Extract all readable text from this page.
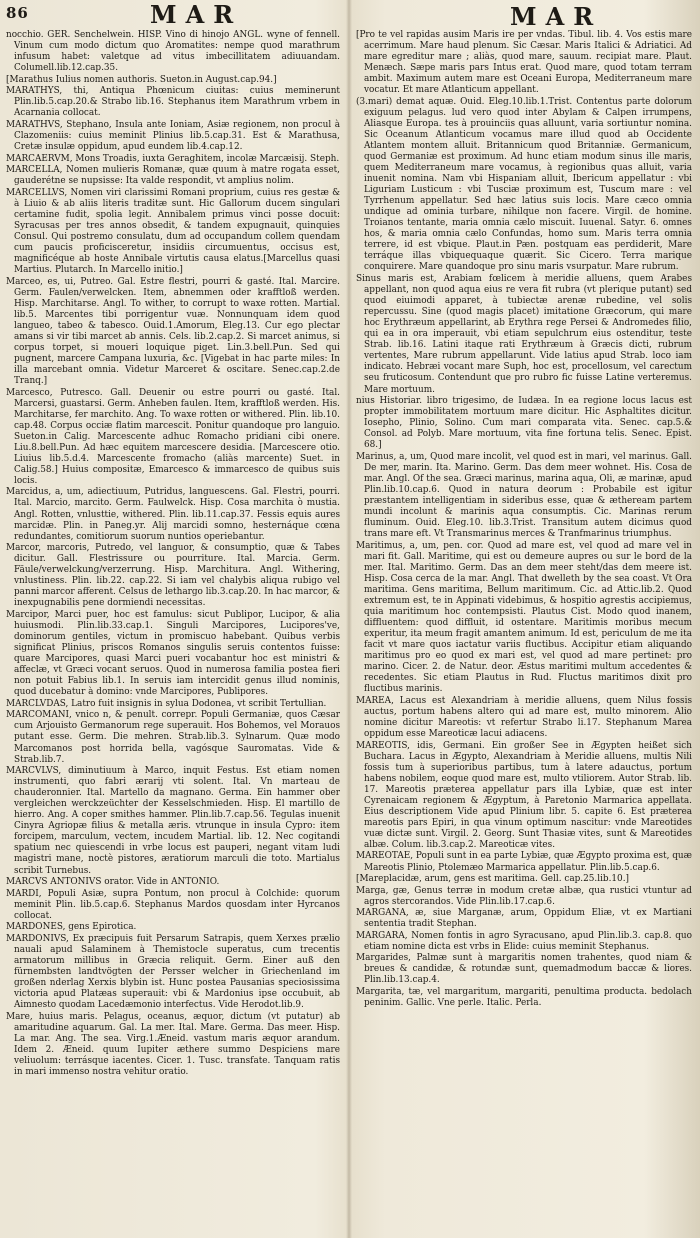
86	MAR	MAR

nocchio. GER. Senchelwein. HISP. Vino di hinojo ANGL. wyne of fennell. Vinum cum modo dictum quo Aromatites: nempe quod marathrum infusum habet: valetque ad vitus imbecillitatem adiuuandam. Columell.lib.12.cap.35.

[Marathus Iulius nomen authoris. Sueton.in August.cap.94.]

MARATHYS, thi, Antiqua Phœnicum ciuitas: cuius meminerunt Plin.lib.5.cap.20.& Strabo lib.16. Stephanus item Marathrum vrbem in Acarnania collocat.

MARATHVS, Stephano, Insula ante Ioniam, Asiæ regionem, non procul à Clazomeniis: cuius meminit Plinius lib.5.cap.31. Est & Marathusa, Cretæ insulæ oppidum, apud eundem lib.4.cap.12.

MARCAERVM, Mons Troadis, iuxta Geraghitem, incolæ Marcæisij. Steph.

MARCELLA, Nomen mulieris Romanæ, quæ quum à matre rogata esset, gauderétne se nupsisse: Ita valde respondit, vt amplius nolim.

MARCELLVS, Nomen viri clarissimi Romani proprium, cuius res gestæ & à Liuio & ab aliis literis traditæ sunt. Hic Gallorum ducem singulari certamine fudit, spolia legit. Annibalem primus vinci posse docuit: Syracusas per tres annos obsedit, & tandem expugnauit, quinquies Consul. Qui postremo consulatu, dum ad occupandum collem quendam cum paucis proficisceretur, insidiis circumuentus, occisus est, magnificéque ab hoste Annibale virtutis causa elatus.[Marcellus quasi Martius. Plutarch. In Marcello initio.]

Marceo, es, ui, Putreo. Gal. Estre flestri, pourri & gasté. Ital. Marcire. Germ. Faulen/verwelcken. Item, abnemmen oder krafftloß werden. Hisp. Marchitarse. Angl. To wither, to corrupt to waxe rotten. Martial. lib.5. Marcentes tibi porrigentur vuæ. Nonnunquam idem quod langueo, tabeo & tabesco. Ouid.1.Amorum, Eleg.13. Cur ego plectar amans si vir tibi marcet ab annis. Cels. lib.2.cap.2. Si marcet animus, si corpus torpet, si moueri loquique piget. Lin.3.bell.Pun. Sed qui pugnent, marcere Campana luxuria, &c. [Vigebat in hac parte miles: In illa marcebant omnia. Videtur Marceret & oscitare. Senec.cap.2.de Tranq.]

Marcesco, Putresco. Gall. Deuenir ou estre pourri ou gasté. Ital. Marcersi, guastarsi. Germ. Anheben faulen. Item, krafftloß werden. His. Marchitarse, fer marchito. Ang. To waxe rotten or withered. Plin. lib.10. cap.48. Corpus occiæ flatim marcescit. Ponitur quandoque pro languio. Sueton.in Calig. Marcescente adhuc Romacho pridiani cibi onere. Liu.8.bell.Pun. Ad hæc equitem marcescere desidia. [Marcescere otio. Liuius lib.5.d.4. Marcescente fromacho (aliàs marcente) Suet. in Calig.58.] Huius compositæ, Emarcesco & immarcesco de quibus suis locis.

Marcidus, a, um, adiectiuum, Putridus, languescens. Gal. Flestri, pourri. Ital. Marcio, marcito. Germ. Faulwelck. Hisp. Cosa marchita ò mustia. Angl. Rotten, vnlusttie, withered. Plin. lib.11.cap.37. Fessis equis aures marcidæ. Plin. in Paneg.yr. Alij marcidi somno, hesternáque cœna redundantes, comitiorum suorum nuntios operiebantur.

Marcor, marcoris, Putredo, vel languor, & consumptio, quæ & Tabes dicitur. Gall. Flestrissure ou pourriture. Ital. Marcia. Germ. Fäule/verwelckung/verzerrung. Hisp. Marchitura. Angl. Withering, vnlustiness. Plin. lib.22. cap.22. Si iam vel chalybis aliqua rubigo vel panni marcor afferent. Celsus de lethargo lib.3.cap.20. In hac marcor, & inexpugnabilis pene dormiendi necessitas.

Marcipor, Marci puer, hoc est famulus: sicut Publipor, Lucipor, & alia huiusmodi. Plin.lib.33.cap.1. Singuli Marcipores, Lucipores've, dominorum gentiles, victum in promiscuo habebant. Quibus verbis significat Plinius, priscos Romanos singulis seruis contentos fuisse: quare Marcipores, quasi Marci pueri vocabantur hoc est ministri & affeclæ, vt Græci vocant seruos. Quod in numerosa familia postea fieri non potuit Fabius lib.1. In seruis iam intercidit genus illud nominis, quod ducebatur à domino: vnde Marcipores, Publipores.

MARCLVDAS, Latro fuit insignis in sylua Dodonea, vt scribit Tertullian.

MARCOMANI, vnico n, & penult. correpr. Populi Germaniæ, quos Cæsar cum Arjouisto Germanorum rege superauit. Hos Bohemos, vel Morauos putant esse. Germ. Die mehren. Strab.lib.3. Sylnarum. Quæ modo Marcomanos post horrida bella, vagósque Sauromatas. Vide & Strab.lib.7.

MARCVLVS, diminutiuum à Marco, inquit Festus. Est etiam nomen instrumenti, quo fabri ærarij vti solent. Ital. Vn marteau de chauderonnier. Ital. Martello da magnano. Germa. Ein hammer ober vergleichen werckzeüchter der Kesselschmieden. Hisp. El martillo de hierro. Ang. A coper smithes hammer. Plin.lib.7.cap.56. Tegulas inuenit Cinyra Agriopæ filius & metalla æris. vtrunque in insula Cypro: item forcipem, marculum, vectem, incudem Martial. lib. 12. Nec cogitandi spatium nec quiescendi in vrbe locus est pauperi, negant vitam ludi magistri mane, noctè pistores, æratiorum marculi die toto. Martialus scribit Turnebus.

MARCVS ANTONIVS orator. Vide in ANTONIO.

MARDI, Populi Asiæ, supra Pontum, non procul à Colchide: quorum meminit Plin. lib.5.cap.6. Stephanus Mardos quosdam inter Hyrcanos collocat.

MARDONES, gens Epirotica.

MARDONIVS, Ex præcipuis fuit Persarum Satrapis, quem Xerxes prælio nauali apud Salaminem à Themistocle superatus, cum trecentis armatorum millibus in Græcia reliquit. Germ. Einer auß den fürnembsten landtvögten der Persser welcher in Griechenland im großen nderlag Xerxis blybin ist. Hunc postea Pausanias speciosissima victoria apud Platæas superauit: vbi & Mardonius ipse occubuit, ab Aimnesto quodam Lacedæmonio interfectus. Vide Herodot.lib.9.

Mare, huius maris. Pelagus, oceanus, æquor, dictum (vt putatur) ab amaritudine aquarum. Gal. La mer. Ital. Mare. Germa. Das meer. Hisp. La mar. Ang. The sea. Virg.1.Æneid. vastum maris æquor arandum. Idem 2. Æneid. quum Iupiter æthere summo Despiciens mare veliuolum: terrásque iacentes. Cicer. 1. Tusc. transfate. Tanquam ratis in mari immenso nostra vehitur oratio.

[Pro te vel rapidas ausim Maris ire per vndas. Tibul. lib. 4. Vos estis mare acerrimum. Mare haud plenum. Sic Cæsar. Maris Italici & Adriatici. Ad mare egreditur mare ; aliàs, quod mare, sauum. recipiat mare. Plaut. Menæch. Sæpe maris pars Intus erat. Quod mare, quod totam terram ambit. Maximum autem mare est Oceani Europa, Mediterraneum mare vocatur. Et mare Atlanticum appellant.

(3.mari) demat aquæ. Ouid. Eleg.10.lib.1.Trist. Contentus parte dolorum exiguum pelagus. lud vero quod inter Abylam & Calpen irrumpens, Aliasque Europa. tes à prouinciis quas alluunt, varia sortiuntur nomina. Sic Oceanum Atlanticum vocamus mare illud quod ab Occidente Atlantem montem alluit. Britannicum quod Britanniæ. Germanicum, quod Germaniæ est proximum. Ad hunc etiam modum sinus ille maris, quem Mediterraneum mare vocamus, à regionibus quas alluit, varia inuenit nomina. Nam vbi Hispaniam alluit, Ibericum appellatur : vbi Liguriam Lusticum : vbi Tusciæ proximum est, Tuscum mare : vel Tyrrhenum appellatur. Sed hæc latius suis locis. Mare cæco omnia undique ad ominia turbare, nihilque non facere. Virgil. de homine. Troianos tentante, maria omnia cælo miscuit. Iuuenal. Satyr. 6. omnes hos, & maria omnia cælo Confundas, homo sum. Maris terra omnia terrere, id est vbique. Plaut.in Pæn. postquam eas perdiderit, Mare terráque illas vbiquequaque quærit. Sic Cicero. Terra marique conquirere. Mare quandoque pro sinu maris vsurpatur. Mare rubrum.

Sinus maris est, Arabiam fœlicem à meridie alluens, quem Arabes appellant, non quod aqua eius re vera fit rubra (vt plerique putant) sed quod eiuimodi apparet, à tubiectæ arenæ rubedine, vel solis repercussu. Sine (quod magis placet) imitatione Græcorum, qui mare hoc Erythræum appellarint, ab Erythra rege Persei & Andromedes filio, qui ea in ora imperauit, vbi etiam sepulchrum eius ostenditur, teste Strab. lib.16. Latini itaque rati Erythræum à Græcis dicti, rubrum vertentes, Mare rubrum appellarunt. Vide latius apud Strab. loco iam indicato. Hebræi vocant mare Suph, hoc est, procellosum, vel carectum seu fruticosum. Contendunt que pro rubro fic fuisse Latine verteremus. Mare mortuum.

nius Historiar. libro trigesimo, de Iudæa. In ea regione locus lacus est propter immobilitatem mortuum mare dicitur. Hic Asphaltites dicitur. Iosepho, Plinio, Solino. Cum mari comparata vita. Senec. cap.5.& Consol. ad Polyb. Mare mortuum, vita fine fortuna telis. Senec. Epist. 68.]

Marinus, a, um, Quod mare incolit, vel quod est in mari, vel marinus. Gall. De mer, marin. Ita. Marino. Germ. Das dem meer wohnet. His. Cosa de mar. Angl. Of the sea. Græci marinus, marina aqua, Oli, æ marinæ, apud Plin.lib.10.cap.6. Quod in natura deorum : Probabile est igitur præstantem intelligentiam in sideribus esse, quæ & ætheream partem mundi incolunt & marinis aqua consumptis. Cic. Marinas rerum fluminum. Ouid. Eleg.10. lib.3.Trist. Transitum autem dicimus quod trans mare eft. Vt Transmarinus merces & Tranfmarinus triumphus.

Maritimus, a, um, pen. cor. Quod ad mare est, vel quod ad mare vel in mari fit. Gall. Maritime, qui est ou demeure aupres ou sur le bord de la mer. Ital. Maritimo. Germ. Das an dem meer steht/das dem meere ist. Hisp. Cosa cerca de la mar. Angl. That dwelleth by the sea coast. Vt Ora maritima. Gens maritima, Bellum maritimum. Cic. ad Attic.lib.2. Quod extremum est, te in Appinati videbimus, & hospitio agrestis accipiemus, quia maritimum hoc contempsisti. Plautus Cist. Modo quod inanem, diffluentem: quod diffluit, id ostentare. Maritimis moribus mecum experitur, ita meum fragit amantem animum. Id est, periculum de me ita facit vt mare quos iactatur variis fluctibus. Accipitur etiam aliquando maritimus pro eo quod ex mari est, vel quod ad mare pertinet: pro marino. Cicer. 2. de Natur. deor. Æstus maritimi multum accedentes & recedentes. Sic etiam Plautus in Rud. Fluctus maritimos dixit pro fluctibus marinis.

MAREA, Lacus est Alexandriam à meridie alluens, quem Nilus fossis auctus, portum habens altero qui ad mare est, multo minorem. Alio nomine dicitur Mareotis: vt refertur Strabo li.17. Stephanum Marea oppidum esse Mareoticæ lacui adiacens.

MAREOTIS, idis, Germani. Ein großer See in Ægypten heißet sich Buchara. Lacus in Ægypto, Alexandriam à Meridie alluens, multis Nili fossis tum à superioribus partibus, tum à latere adauctus, portum habens nobilem, eoque quod mare est, multo vtiliorem. Autor Strab. lib. 17. Mareotis præterea appellatur pars illa Lybiæ, quæ est inter Cyrenaicam regionem & Ægyptum, à Paretonio Marmarica appellata. Eius descriptionem Vide apud Plinium libr. 5. capite 6. Est præterea mareotis pars Epiri, in qua vinum optimum nascitur: vnde Mareotides vuæ dictæ sunt. Virgil. 2. Georg. Sunt Thasiæ vites, sunt & Mareotides albæ. Colum. lib.3.cap.2. Mareoticæ vites.

MAREOTAE, Populi sunt in ea parte Lybiæ, quæ Ægypto proxima est, quæ Mareotis Plinio, Ptolemæo Marmarica appellatur. Plin.lib.5.cap.6.

[Mareplacidæ, arum, gens est maritima. Gell. cap.25.lib.10.]

Marga, gæ, Genus terræ in modum cretæ albæ, qua rustici vtuntur ad agros stercorandos. Vide Plin.lib.17.cap.6.

MARGANA, æ, siue Marganæ, arum, Oppidum Eliæ, vt ex Martiani sententia tradit Stephan.

MARGARA, Nomen fontis in agro Syracusano, apud Plin.lib.3. cap.8. quo etiam nomine dicta est vrbs in Elide: cuius meminit Stephanus.

Margarides, Palmæ sunt à margaritis nomen trahentes, quod niam & breues & candidæ, & rotundæ sunt, quemadmodum baccæ & liores. Plin.lib.13.cap.4.

Margarita, tæ, vel margaritum, margariti, penultima producta. bedolach peninim. Gallic. Vne perle. Italic. Perla.
